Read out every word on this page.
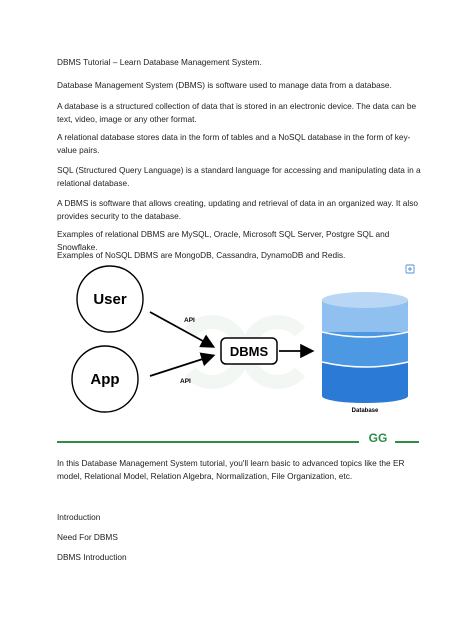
DBMS Tutorial – Learn Database Management System.

Database Management System (DBMS) is software used to manage data from a database.

A database is a structured collection of data that is stored in an electronic device. The data can be text, video, image or any other format.

A relational database stores data in the form of tables and a NoSQL database in the form of key-value pairs.

SQL (Structured Query Language) is a standard language for accessing and manipulating data in a relational database.

A DBMS is software that allows creating, updating and retrieval of data in an organized way. It also provides security to the database.

Examples of relational DBMS are MySQL, Oracle, Microsoft SQL Server, Postgre SQL and Snowflake.

Examples of NoSQL DBMS are MongoDB, Cassandra, DynamoDB and Redis.

User
App
API
API
DBMS
Database
GG

In this Database Management System tutorial, you'll learn basic to advanced topics like the ER model, Relational Model, Relation Algebra, Normalization, File Organization, etc.

Introduction

Need For DBMS

DBMS Introduction
